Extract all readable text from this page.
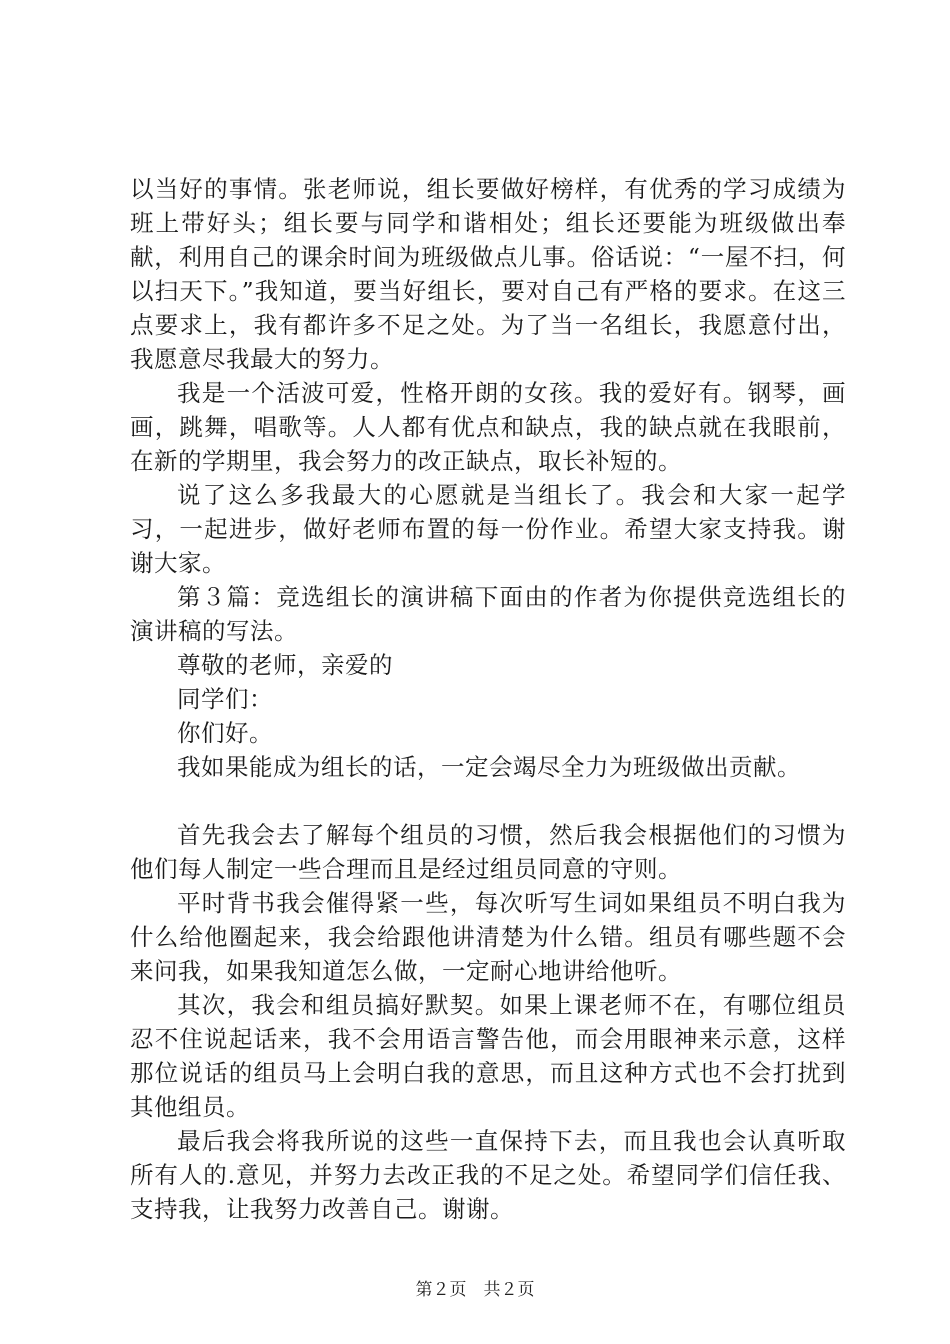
以当好的事情。张老师说，组长要做好榜样，有优秀的学习成绩为班上带好头；组长要与同学和谐相处；组长还要能为班级做出奉献，利用自己的课余时间为班级做点儿事。俗话说：“一屋不扫，何以扫天下。”我知道，要当好组长，要对自己有严格的要求。在这三点要求上，我有都许多不足之处。为了当一名组长，我愿意付出，我愿意尽我最大的努力。

我是一个活波可爱，性格开朗的女孩。我的爱好有。钢琴，画画，跳舞，唱歌等。人人都有优点和缺点，我的缺点就在我眼前，在新的学期里，我会努力的改正缺点，取长补短的。

说了这么多我最大的心愿就是当组长了。我会和大家一起学习，一起进步，做好老师布置的每一份作业。希望大家支持我。谢谢大家。

第３篇：竞选组长的演讲稿下面由的作者为你提供竞选组长的演讲稿的写法。

尊敬的老师，亲爱的

同学们：

你们好。

我如果能成为组长的话，一定会竭尽全力为班级做出贡献。

首先我会去了解每个组员的习惯，然后我会根据他们的习惯为他们每人制定一些合理而且是经过组员同意的守则。

平时背书我会催得紧一些，每次听写生词如果组员不明白我为什么给他圈起来，我会给跟他讲清楚为什么错。组员有哪些题不会来问我，如果我知道怎么做，一定耐心地讲给他听。

其次，我会和组员搞好默契。如果上课老师不在，有哪位组员忍不住说起话来，我不会用语言警告他，而会用眼神来示意，这样那位说话的组员马上会明白我的意思，而且这种方式也不会打扰到其他组员。

最后我会将我所说的这些一直保持下去，而且我也会认真听取所有人的.意见，并努力去改正我的不足之处。希望同学们信任我、支持我，让我努力改善自己。谢谢。

第２页　共２页
